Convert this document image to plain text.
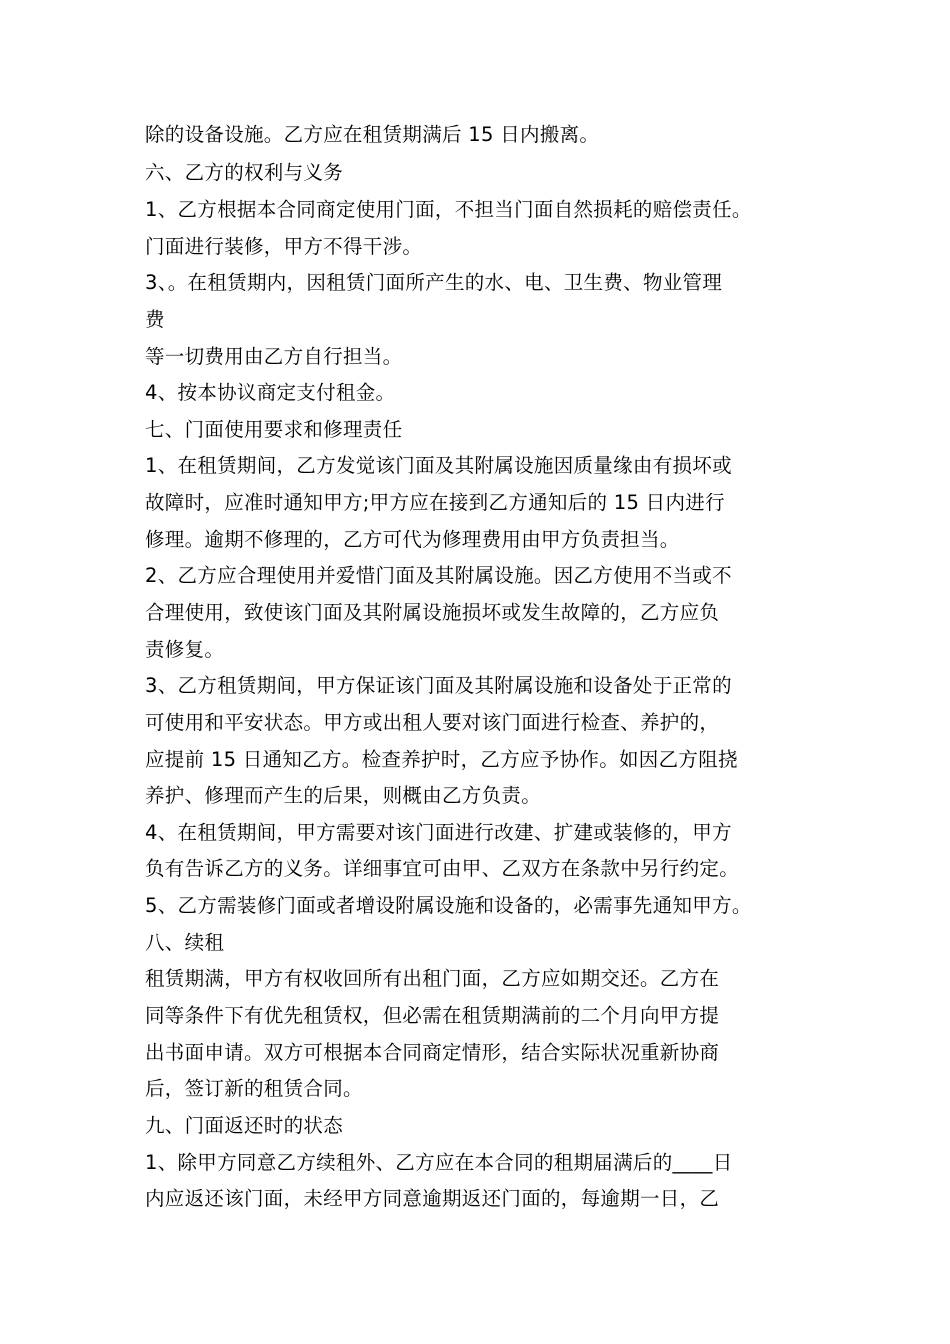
除的设备设施。乙方应在租赁期满后 15 日内搬离。
六、乙方的权利与义务
1、乙方根据本合同商定使用门面，不担当门面自然损耗的赔偿责任。
门面进行装修，甲方不得干涉。
3、。在租赁期内，因租赁门面所产生的水、电、卫生费、物业管理
费
等一切费用由乙方自行担当。
4、按本协议商定支付租金。
七、门面使用要求和修理责任
1、在租赁期间，乙方发觉该门面及其附属设施因质量缘由有损坏或
故障时，应准时通知甲方;甲方应在接到乙方通知后的 15 日内进行
修理。逾期不修理的，乙方可代为修理费用由甲方负责担当。
2、乙方应合理使用并爱惜门面及其附属设施。因乙方使用不当或不
合理使用，致使该门面及其附属设施损坏或发生故障的，乙方应负
责修复。
3、乙方租赁期间，甲方保证该门面及其附属设施和设备处于正常的
可使用和平安状态。甲方或出租人要对该门面进行检查、养护的，
应提前 15 日通知乙方。检查养护时，乙方应予协作。如因乙方阻挠
养护、修理而产生的后果，则概由乙方负责。
4、在租赁期间，甲方需要对该门面进行改建、扩建或装修的，甲方
负有告诉乙方的义务。详细事宜可由甲、乙双方在条款中另行约定。
5、乙方需装修门面或者增设附属设施和设备的，必需事先通知甲方。
八、续租
租赁期满，甲方有权收回所有出租门面，乙方应如期交还。乙方在
同等条件下有优先租赁权，但必需在租赁期满前的二个月向甲方提
出书面申请。双方可根据本合同商定情形，结合实际状况重新协商
后，签订新的租赁合同。
九、门面返还时的状态
1、除甲方同意乙方续租外、乙方应在本合同的租期届满后的____日
内应返还该门面，未经甲方同意逾期返还门面的，每逾期一日，乙
